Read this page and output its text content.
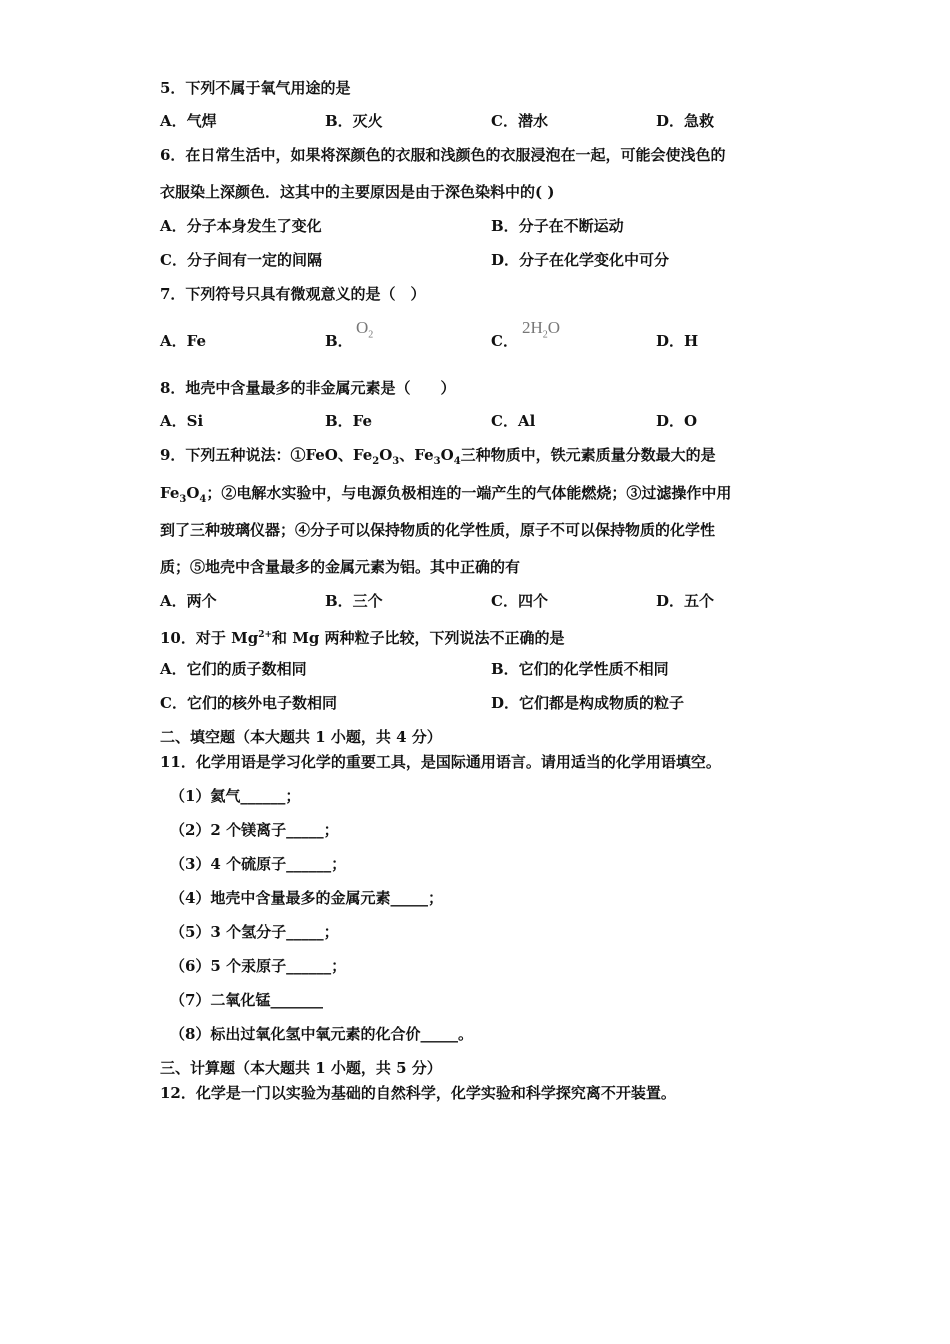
5．下列不属于氧气用途的是
A．气焊	B．灭火	C．潜水	D．急救
6．在日常生活中，如果将深颜色的衣服和浅颜色的衣服浸泡在一起，可能会使浅色的
衣服染上深颜色．这其中的主要原因是由于深色染料中的( )
A．分子本身发生了变化	B．分子在不断运动
C．分子间有一定的间隔	D．分子在化学变化中可分
7．下列符号只具有微观意义的是（　）
A．Fe	B．
$O_2$	C．
$2H_2O$
D．H
8．地壳中含量最多的非金属元素是（　　）
A．Si	B．Fe	C．Al	D．O
9．下列五种说法：①FeO、$Fe_2O_3$、$Fe_3O_4$三种物质中，铁元素质量分数最大的是
$Fe_3O_4$；②电解水实验中，与电源负极相连的一端产生的气体能燃烧；③过滤操作中用
到了三种玻璃仪器；④分子可以保持物质的化学性质，原子不可以保持物质的化学性
质；⑤地壳中含量最多的金属元素为铝。其中正确的有
A．两个	B．三个	C．四个	D．五个
10．对于 $Mg^{2+}$和 Mg 两种粒子比较，下列说法不正确的是
A．它们的质子数相同	B．它们的化学性质不相同
C．它们的核外电子数相同	D．它们都是构成物质的粒子
二、填空题（本大题共 1 小题，共 4 分）
11．化学用语是学习化学的重要工具，是国际通用语言。请用适当的化学用语填空。
（1）氦气______；
（2）2 个镁离子_____；
（3）4 个硫原子______；
（4）地壳中含量最多的金属元素_____；
（5）3 个氢分子_____；
（6）5 个汞原子______；
（7）二氧化锰_______
（8）标出过氧化氢中氧元素的化合价_____。
三、计算题（本大题共 1 小题，共 5 分）
12．化学是一门以实验为基础的自然科学，化学实验和科学探究离不开装置。
